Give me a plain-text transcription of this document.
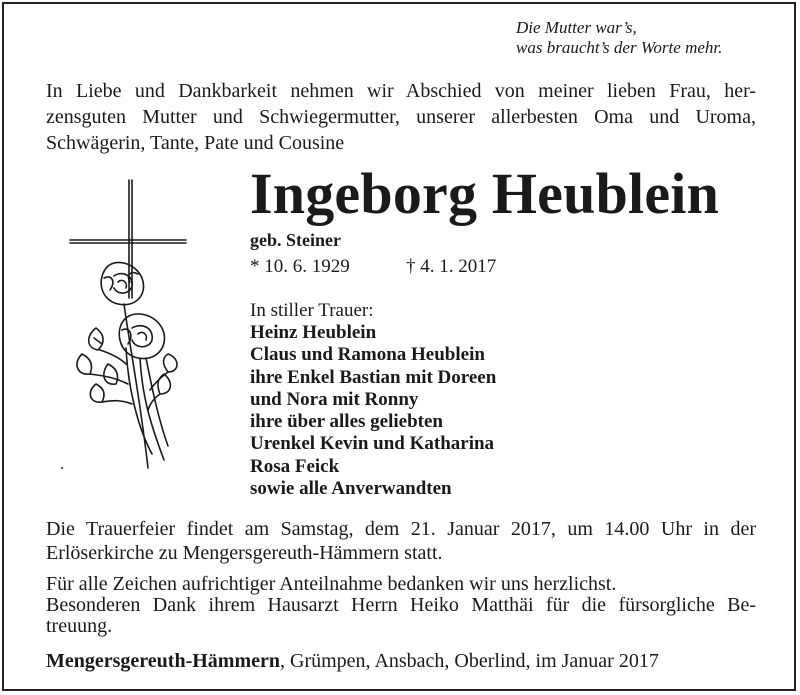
Die Mutter war’s,
was braucht’s der Worte mehr.
In Liebe und Dankbarkeit nehmen wir Abschied von meiner lieben Frau, her-
zensguten Mutter und Schwiegermutter, unserer allerbesten Oma und Uroma,
Schwägerin, Tante, Pate und Cousine
Ingeborg Heublein
geb. Steiner
* 10. 6. 1929	† 4. 1. 2017
In stiller Trauer:
Heinz Heublein
Claus und Ramona Heublein
ihre Enkel Bastian mit Doreen
und Nora mit Ronny
ihre über alles geliebten
Urenkel Kevin und Katharina
Rosa Feick
sowie alle Anverwandten
Die Trauerfeier findet am Samstag, dem 21. Januar 2017, um 14.00 Uhr in der
Erlöserkirche zu Mengersgereuth-Hämmern statt.
Für alle Zeichen aufrichtiger Anteilnahme bedanken wir uns herzlichst.
Besonderen Dank ihrem Hausarzt Herrn Heiko Matthäi für die fürsorgliche Be-
treuung.
Mengersgereuth-Hämmern, Grümpen, Ansbach, Oberlind, im Januar 2017
